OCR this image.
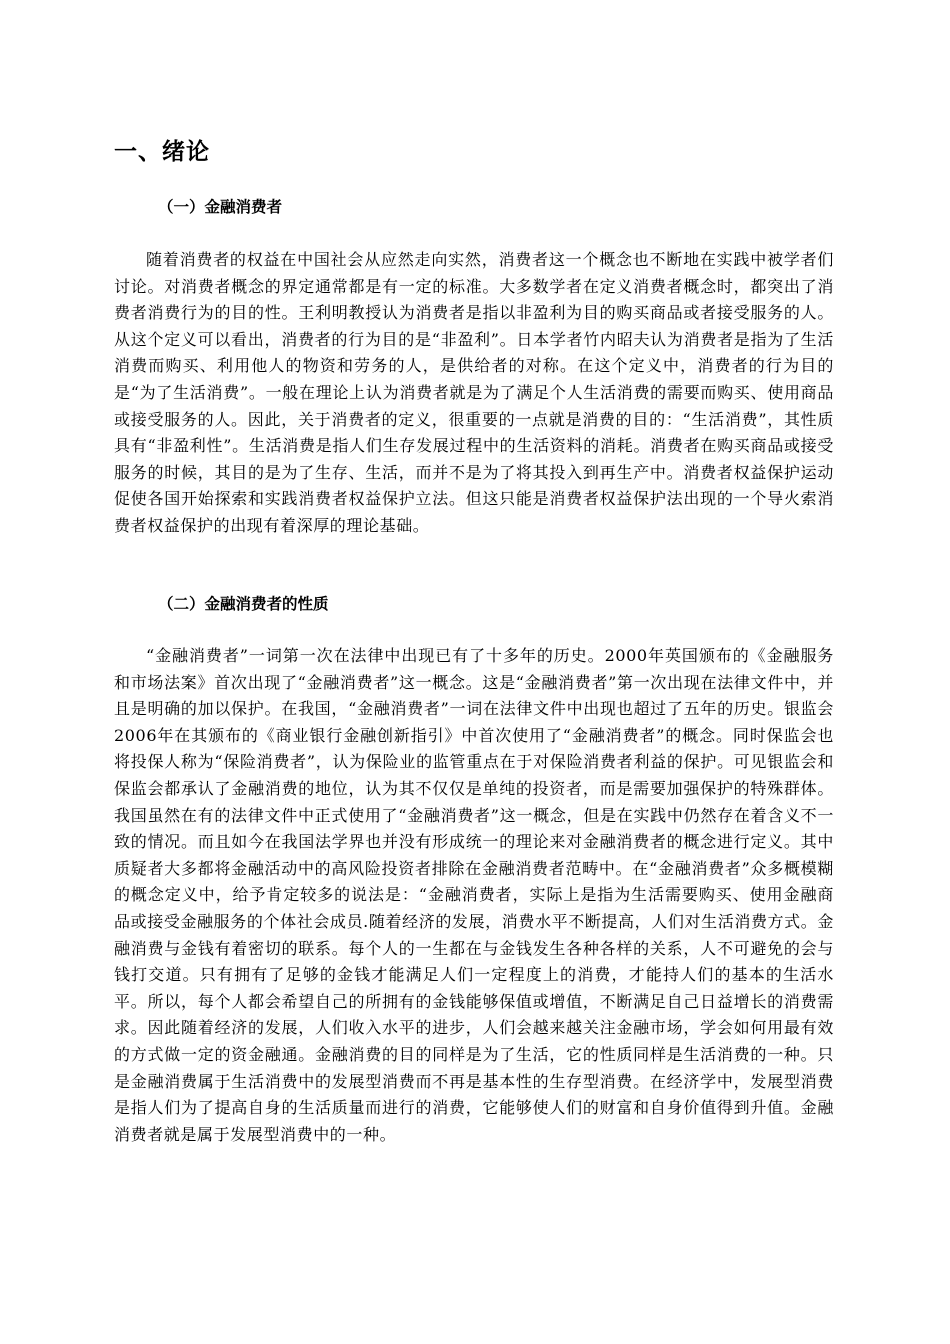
一、绪论
（一）金融消费者

随着消费者的权益在中国社会从应然走向实然，消费者这一个概念也不断地在实践中被学者们讨论。对消费者概念的界定通常都是有一定的标准。大多数学者在定义消费者概念时，都突出了消费者消费行为的目的性。王利明教授认为消费者是指以非盈利为目的购买商品或者接受服务的人。从这个定义可以看出，消费者的行为目的是“非盈利”。日本学者竹内昭夫认为消费者是指为了生活消费而购买、利用他人的物资和劳务的人，是供给者的对称。在这个定义中，消费者的行为目的是“为了生活消费”。一般在理论上认为消费者就是为了满足个人生活消费的需要而购买、使用商品或接受服务的人。因此，关于消费者的定义，很重要的一点就是消费的目的：“生活消费”，其性质具有“非盈利性”。生活消费是指人们生存发展过程中的生活资料的消耗。消费者在购买商品或接受服务的时候，其目的是为了生存、生活，而并不是为了将其投入到再生产中。消费者权益保护运动促使各国开始探索和实践消费者权益保护立法。但这只能是消费者权益保护法出现的一个导火索消费者权益保护的出现有着深厚的理论基础。

（二）金融消费者的性质

“金融消费者”一词第一次在法律中出现已有了十多年的历史。2000年英国颁布的《金融服务和市场法案》首次出现了“金融消费者”这一概念。这是“金融消费者”第一次出现在法律文件中，并且是明确的加以保护。在我国，“金融消费者”一词在法律文件中出现也超过了五年的历史。银监会2006年在其颁布的《商业银行金融创新指引》中首次使用了“金融消费者”的概念。同时保监会也将投保人称为“保险消费者”，认为保险业的监管重点在于对保险消费者利益的保护。可见银监会和保监会都承认了金融消费的地位，认为其不仅仅是单纯的投资者，而是需要加强保护的特殊群体。我国虽然在有的法律文件中正式使用了“金融消费者”这一概念，但是在实践中仍然存在着含义不一致的情况。而且如今在我国法学界也并没有形成统一的理论来对金融消费者的概念进行定义。其中质疑者大多都将金融活动中的高风险投资者排除在金融消费者范畴中。在“金融消费者”众多概模糊的概念定义中，给予肯定较多的说法是：“金融消费者，实际上是指为生活需要购买、使用金融商品或接受金融服务的个体社会成员.随着经济的发展，消费水平不断提高，人们对生活消费方式。金融消费与金钱有着密切的联系。每个人的一生都在与金钱发生各种各样的关系，人不可避免的会与钱打交道。只有拥有了足够的金钱才能满足人们一定程度上的消费，才能持人们的基本的生活水平。所以，每个人都会希望自己的所拥有的金钱能够保值或增值，不断满足自己日益增长的消费需求。因此随着经济的发展，人们收入水平的进步，人们会越来越关注金融市场，学会如何用最有效的方式做一定的资金融通。金融消费的目的同样是为了生活，它的性质同样是生活消费的一种。只是金融消费属于生活消费中的发展型消费而不再是基本性的生存型消费。在经济学中，发展型消费是指人们为了提高自身的生活质量而进行的消费，它能够使人们的财富和自身价值得到升值。金融消费者就是属于发展型消费中的一种。
